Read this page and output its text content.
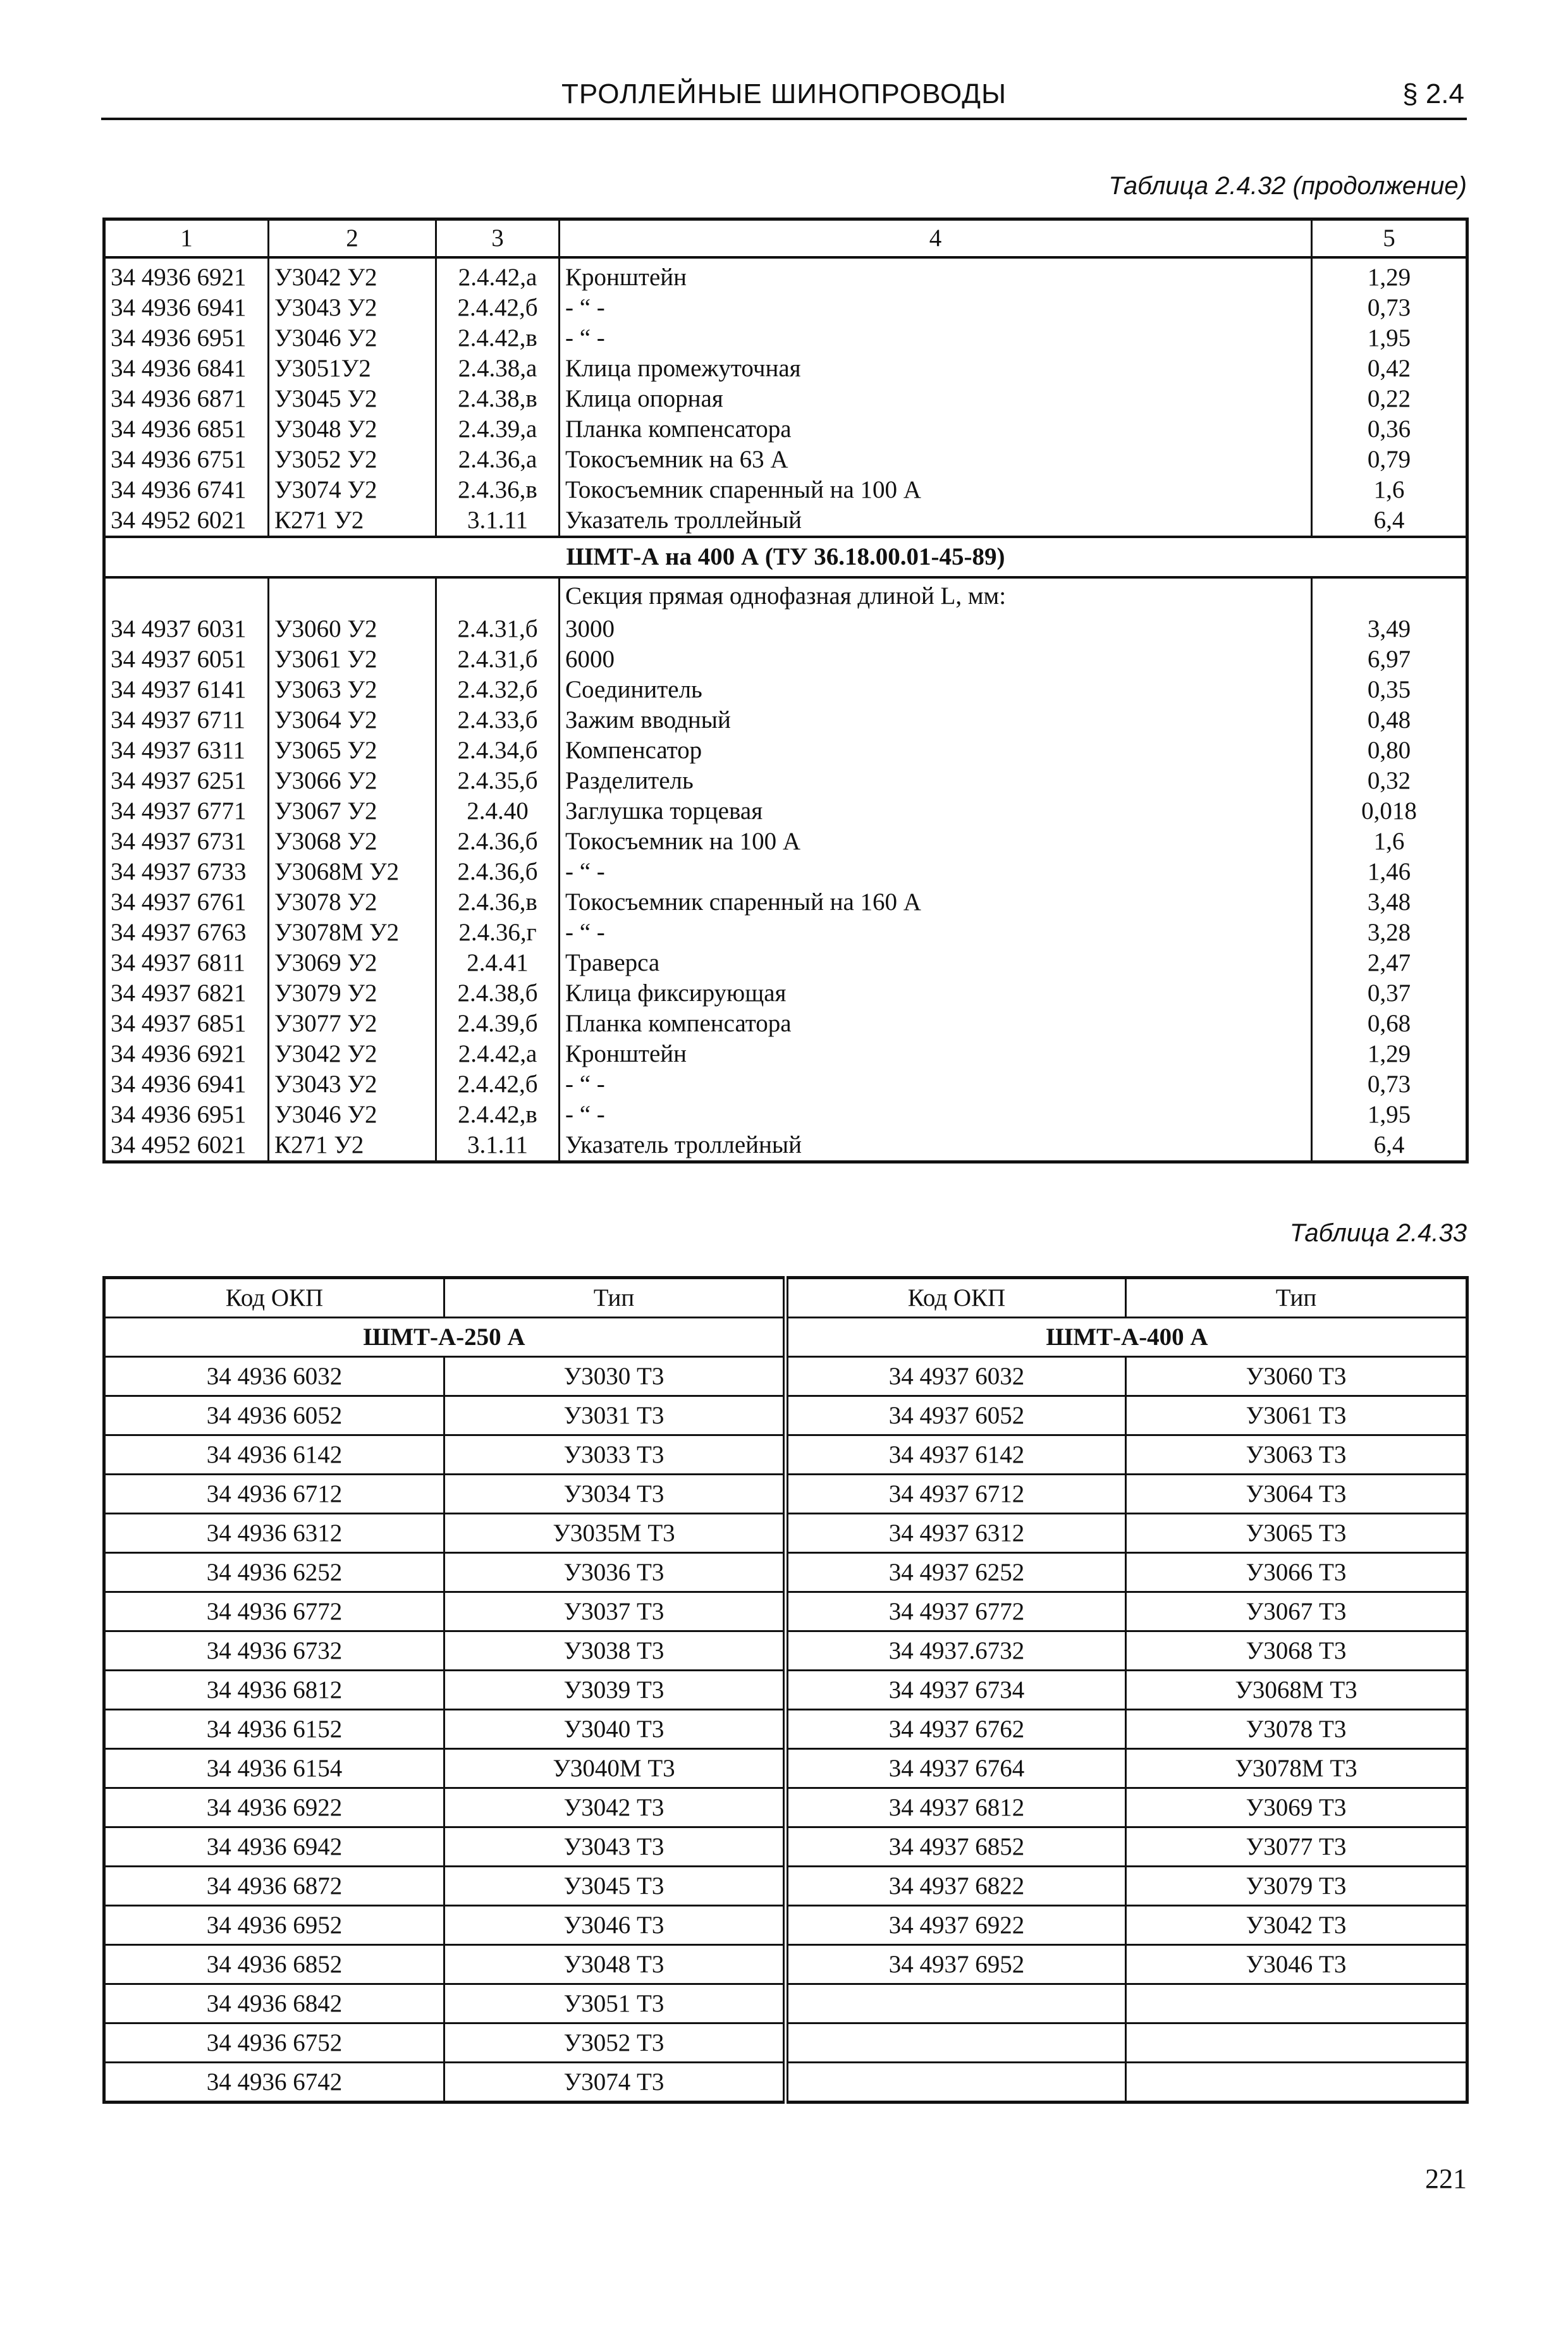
ТРОЛЛЕЙНЫЕ ШИНОПРОВОДЫ	§ 2.4
Таблица 2.4.32 (продолжение)
1	2	3	4	5
34 4936 6921	У3042 У2	2.4.42,а	Кронштейн	1,29
34 4936 6941	У3043 У2	2.4.42,б	- “ -	0,73
34 4936 6951	У3046 У2	2.4.42,в	- “ -	1,95
34 4936 6841	У3051У2	2.4.38,а	Клица промежуточная	0,42
34 4936 6871	У3045 У2	2.4.38,в	Клица опорная	0,22
34 4936 6851	У3048 У2	2.4.39,а	Планка компенсатора	0,36
34 4936 6751	У3052 У2	2.4.36,а	Токосъемник на 63 А	0,79
34 4936 6741	У3074 У2	2.4.36,в	Токосъемник спаренный на 100 А	1,6
34 4952 6021	К271 У2	3.1.11	Указатель троллейный	6,4
ШМТ-А на 400 А (ТУ 36.18.00.01-45-89)				
			Секция прямая однофазная длиной L, мм:	
34 4937 6031	У3060 У2	2.4.31,б	3000	3,49
34 4937 6051	У3061 У2	2.4.31,б	6000	6,97
34 4937 6141	У3063 У2	2.4.32,б	Соединитель	0,35
34 4937 6711	У3064 У2	2.4.33,б	Зажим вводный	0,48
34 4937 6311	У3065 У2	2.4.34,б	Компенсатор	0,80
34 4937 6251	У3066 У2	2.4.35,б	Разделитель	0,32
34 4937 6771	У3067 У2	2.4.40	Заглушка торцевая	0,018
34 4937 6731	У3068 У2	2.4.36,б	Токосъемник на 100 А	1,6
34 4937 6733	У3068М У2	2.4.36,б	- “ -	1,46
34 4937 6761	У3078 У2	2.4.36,в	Токосъемник спаренный на 160 А	3,48
34 4937 6763	У3078М У2	2.4.36,г	- “ -	3,28
34 4937 6811	У3069 У2	2.4.41	Траверса	2,47
34 4937 6821	У3079 У2	2.4.38,б	Клица фиксирующая	0,37
34 4937 6851	У3077 У2	2.4.39,б	Планка компенсатора	0,68
34 4936 6921	У3042 У2	2.4.42,а	Кронштейн	1,29
34 4936 6941	У3043 У2	2.4.42,б	- “ -	0,73
34 4936 6951	У3046 У2	2.4.42,в	- “ -	1,95
34 4952 6021	К271 У2	3.1.11	Указатель троллейный	6,4
Таблица 2.4.33
Код ОКП	Тип	Код ОКП	Тип
ШМТ-А-250 А		ШМТ-А-400 А	
34 4936 6032	У3030 Т3	34 4937 6032	У3060 Т3
34 4936 6052	У3031 Т3	34 4937 6052	У3061 Т3
34 4936 6142	У3033 Т3	34 4937 6142	У3063 Т3
34 4936 6712	У3034 Т3	34 4937 6712	У3064 Т3
34 4936 6312	У3035М Т3	34 4937 6312	У3065 Т3
34 4936 6252	У3036 Т3	34 4937 6252	У3066 Т3
34 4936 6772	У3037 Т3	34 4937 6772	У3067 Т3
34 4936 6732	У3038 Т3	34 4937.6732	У3068 Т3
34 4936 6812	У3039 Т3	34 4937 6734	У3068М Т3
34 4936 6152	У3040 Т3	34 4937 6762	У3078 Т3
34 4936 6154	У3040М Т3	34 4937 6764	У3078М Т3
34 4936 6922	У3042 Т3	34 4937 6812	У3069 Т3
34 4936 6942	У3043 Т3	34 4937 6852	У3077 Т3
34 4936 6872	У3045 Т3	34 4937 6822	У3079 Т3
34 4936 6952	У3046 Т3	34 4937 6922	У3042 Т3
34 4936 6852	У3048 Т3	34 4937 6952	У3046 Т3
34 4936 6842	У3051 Т3		
34 4936 6752	У3052 Т3		
34 4936 6742	У3074 Т3		
221
